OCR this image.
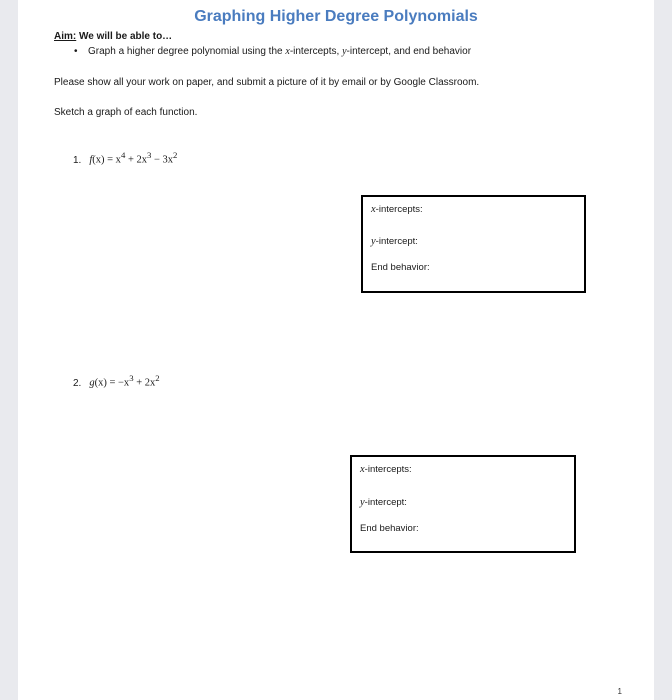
Graphing Higher Degree Polynomials
Aim: We will be able to…
• Graph a higher degree polynomial using the x-intercepts, y-intercept, and end behavior
Please show all your work on paper, and submit a picture of it by email or by Google Classroom.
Sketch a graph of each function.
1. $f(x) = x^4 + 2x^3 - 3x^2$
x-intercepts:
y-intercept:
End behavior:
2. $g(x) = -x^3 + 2x^2$
x-intercepts:
y-intercept:
End behavior:
1
